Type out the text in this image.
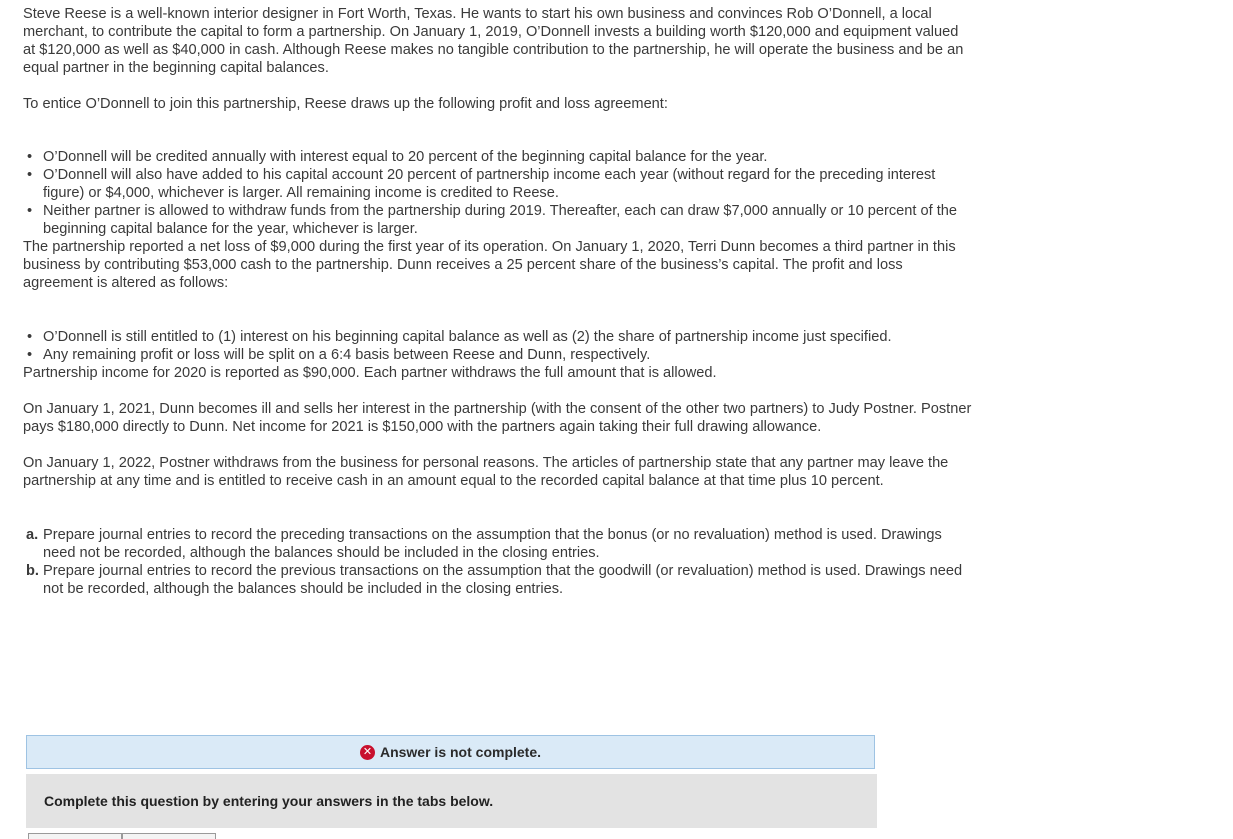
Steve Reese is a well-known interior designer in Fort Worth, Texas. He wants to start his own business and convinces Rob O’Donnell, a local merchant, to contribute the capital to form a partnership. On January 1, 2019, O’Donnell invests a building worth $120,000 and equipment valued at $120,000 as well as $40,000 in cash. Although Reese makes no tangible contribution to the partnership, he will operate the business and be an equal partner in the beginning capital balances.

To entice O’Donnell to join this partnership, Reese draws up the following profit and loss agreement:

• O’Donnell will be credited annually with interest equal to 20 percent of the beginning capital balance for the year.
• O’Donnell will also have added to his capital account 20 percent of partnership income each year (without regard for the preceding interest figure) or $4,000, whichever is larger. All remaining income is credited to Reese.
• Neither partner is allowed to withdraw funds from the partnership during 2019. Thereafter, each can draw $7,000 annually or 10 percent of the beginning capital balance for the year, whichever is larger.

The partnership reported a net loss of $9,000 during the first year of its operation. On January 1, 2020, Terri Dunn becomes a third partner in this business by contributing $53,000 cash to the partnership. Dunn receives a 25 percent share of the business’s capital. The profit and loss agreement is altered as follows:

• O’Donnell is still entitled to (1) interest on his beginning capital balance as well as (2) the share of partnership income just specified.
• Any remaining profit or loss will be split on a 6:4 basis between Reese and Dunn, respectively.

Partnership income for 2020 is reported as $90,000. Each partner withdraws the full amount that is allowed.

On January 1, 2021, Dunn becomes ill and sells her interest in the partnership (with the consent of the other two partners) to Judy Postner. Postner pays $180,000 directly to Dunn. Net income for 2021 is $150,000 with the partners again taking their full drawing allowance.

On January 1, 2022, Postner withdraws from the business for personal reasons. The articles of partnership state that any partner may leave the partnership at any time and is entitled to receive cash in an amount equal to the recorded capital balance at that time plus 10 percent.

a. Prepare journal entries to record the preceding transactions on the assumption that the bonus (or no revaluation) method is used. Drawings need not be recorded, although the balances should be included in the closing entries.
b. Prepare journal entries to record the previous transactions on the assumption that the goodwill (or revaluation) method is used. Drawings need not be recorded, although the balances should be included in the closing entries.
✕ Answer is not complete.
Complete this question by entering your answers in the tabs below.
